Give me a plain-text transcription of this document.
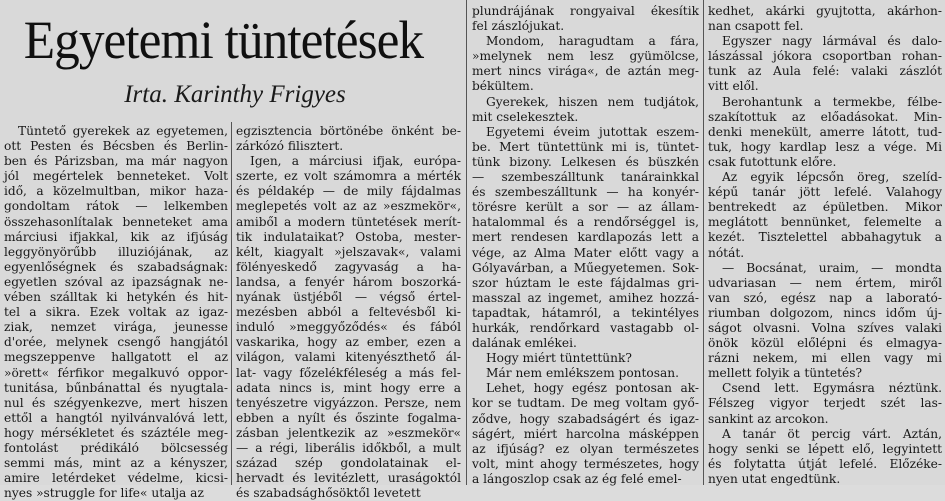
Egyetemi tüntetések
Irta. Karinthy Frigyes
Tüntető gyerekek az egyetemen,
ott Pesten és Bécsben és Berlin-
ben és Párizsban, ma már nagyon
jól megértelek benneteket. Volt
idő, a közelmultban, mikor haza-
gondoltam rátok — lelkemben
összehasonlítalak benneteket ama
márciusi ifjakkal, kik az ifjúság
leggyönyörűbb illuziójának, az
egyenlőségnek és szabadságnak:
egyetlen szóval az ipazságnak ne-
vében szálltak ki hetykén és hit-
tel a sikra. Ezek voltak az igaz-
ziak, nemzet virága, jeunesse
d'orée, melynek csengő hangjától
megszeppenve hallgatott el az
»örett« férfikor megalkuvó oppor-
tunitása, bűnbánattal és nyugtala-
nul és szégyenkezve, mert hiszen
ettől a hangtól nyilvánvalóvá lett,
hogy mérsékletet és száztéle meg-
fontolást prédikáló bölcsesség
semmi más, mint az a kényszer,
amire letérdeket védelme, kicsi-
nyes »struggle for life« utalja az
egzisztencia börtönébe önként be-
zárkózó filisztert.
Igen, a márciusi ifjak, európa-
szerte, ez volt számomra a mérték
és példakép — de mily fájdalmas
meglepetés volt az az »eszmekör«,
amiből a modern tüntetések merít-
tik indulataikat? Ostoba, mester-
kélt, kiagyalt »jelszavak«, valami
fölényeskedő zagyvaság a ha-
landsa, a fenyér három boszorká-
nyának üstjéből — végső értel-
mezésben abból a feltevésből ki-
induló »meggyőződés« és fából
vaskarika, hogy az ember, ezen a
világon, valami kitenyészthető ál-
lat- vagy főzelékféleség a más fel-
adata nincs is, mint hogy erre a
tenyészetre vigyázzon. Persze, nem
ebben a nyílt és őszinte fogalma-
zásban jelentkezik az »eszmekör«
— a régi, liberális időkből, a mult
század szép gondolatainak el-
hervadt és levitézlett, uraságoktól
és szabadsághősöktől levetett
plundrájának rongyaival ékesítik
fel zászlójukat.
Mondom, haragudtam a fára,
»melynek nem lesz gyümölcse,
mert nincs virága«, de aztán meg-
békültem.
Gyerekek, hiszen nem tudjátok,
mit cselekesztek.
Egyetemi éveim jutottak eszem-
be. Mert tüntettünk mi is, tüntet-
tünk bizony. Lelkesen és büszkén
— szembeszálltunk tanárainkkal
és szembeszálltunk — ha konyér-
törésre került a sor — az állam-
hatalommal és a rendőrséggel is,
mert rendesen kardlapozás lett a
vége, az Alma Mater előtt vagy a
Gólyavárban, a Műegyetemen. Sok-
szor húztam le este fájdalmas gri-
masszal az ingemet, amihez hozzá-
tapadtak, hátamról, a tekintélyes
hurkák, rendőrkard vastagabb ol-
dalának emlékei.
Hogy miért tüntettünk?
Már nem emlékszem pontosan.
Lehet, hogy egész pontosan ak-
kor se tudtam. De meg voltam győ-
ződve, hogy szabadságért és igaz-
ságért, miért harcolna másképpen
az ifjúság? ez olyan természetes
volt, mint ahogy természetes, hogy
a lángoszlop csak az ég felé emel-
kedhet, akárki gyujtotta, akárhon-
nan csapott fel.
Egyszer nagy lármával és dalo-
lászással jókora csoportban rohan-
tunk az Aula felé: valaki zászlót
vitt elől.
Berohantunk a termekbe, félbe-
szakítottuk az előadásokat. Min-
denki menekült, amerre látott, tud-
tuk, hogy kardlap lesz a vége. Mi
csak futottunk előre.
Az egyik lépcsőn öreg, szelíd-
képű tanár jött lefelé. Valahogy
bentrekedt az épületben. Mikor
meglátott bennünket, felemelte a
kezét. Tisztelettel abbahagytuk a
nótát.
— Bocsánat, uraim, — mondta
udvariasan — nem értem, miről
van szó, egész nap a laborató-
riumban dolgozom, nincs időm új-
ságot olvasni. Volna szíves valaki
önök közül előlépni és elmagya-
rázni nekem, mi ellen vagy mi
mellett folyik a tüntetés?
Csend lett. Egymásra néztünk.
Félszeg vigyor terjedt szét las-
sankint az arcokon.
A tanár öt percig várt. Aztán,
hogy senki se lépett elő, legyintett
és folytatta útját lefelé. Előzéke-
nyen utat engedtünk.
